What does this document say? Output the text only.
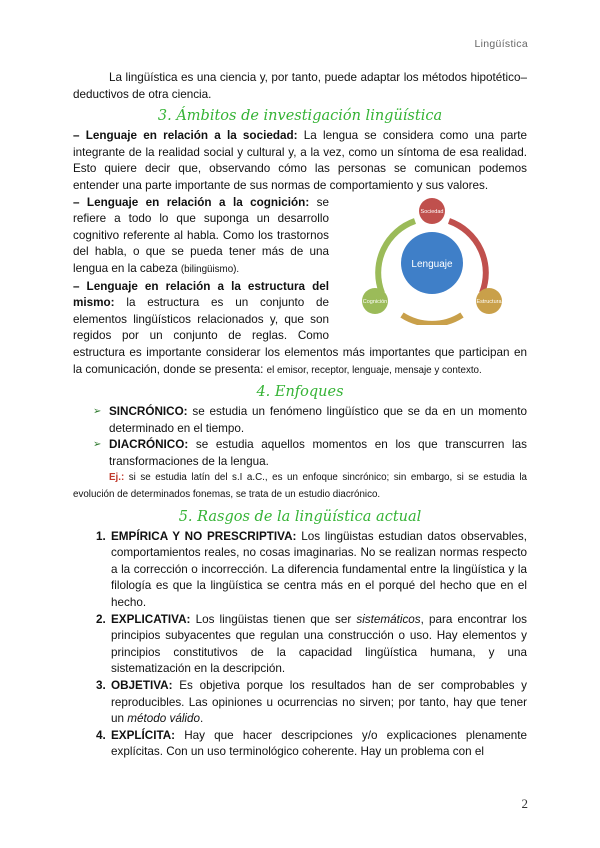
Lingüística

La lingüística es una ciencia y, por tanto, puede adaptar los métodos hipotético–deductivos de otra ciencia.

3. Ámbitos de investigación lingüística

– Lenguaje en relación a la sociedad: La lengua se considera como una parte integrante de la realidad social y cultural y, a la vez, como un síntoma de esa realidad. Esto quiere decir que, observando cómo las personas se comunican podemos entender una parte importante de sus normas de comportamiento y sus valores.

Lenguaje
Sociedad
Estructura
Cognición

– Lenguaje en relación a la cognición: se refiere a todo lo que suponga un desarrollo cognitivo referente al habla. Como los trastornos del habla, o que se pueda tener más de una lengua en la cabeza (bilingüismo).

– Lenguaje en relación a la estructura del mismo: la estructura es un conjunto de elementos lingüísticos relacionados y, que son regidos por un conjunto de reglas. Como estructura es importante considerar los elementos más importantes que participan en la comunicación, donde se presenta: el emisor, receptor, lenguaje, mensaje y contexto.

4. Enfoques
➢ SINCRÓNICO: se estudia un fenómeno lingüístico que se da en un momento determinado en el tiempo.
➢ DIACRÓNICO: se estudia aquellos momentos en los que transcurren las transformaciones de la lengua.

Ej.: si se estudia latín del s.I a.C., es un enfoque sincrónico; sin embargo, si se estudia la evolución de determinados fonemas, se trata de un estudio diacrónico.

5. Rasgos de la lingüística actual
1. EMPÍRICA Y NO PRESCRIPTIVA: Los lingüistas estudian datos observables, comportamientos reales, no cosas imaginarias. No se realizan normas respecto a la corrección o incorrección. La diferencia fundamental entre la lingüística y la filología es que la lingüística se centra más en el porqué del hecho que en el hecho.
2. EXPLICATIVA: Los lingüistas tienen que ser sistemáticos, para encontrar los principios subyacentes que regulan una construcción o uso. Hay elementos y principios constitutivos de la capacidad lingüística humana, y una sistematización en la descripción.
3. OBJETIVA: Es objetiva porque los resultados han de ser comprobables y reproducibles. Las opiniones u ocurrencias no sirven; por tanto, hay que tener un método válido.
4. EXPLÍCITA: Hay que hacer descripciones y/o explicaciones plenamente explícitas. Con un uso terminológico coherente. Hay un problema con el
2
